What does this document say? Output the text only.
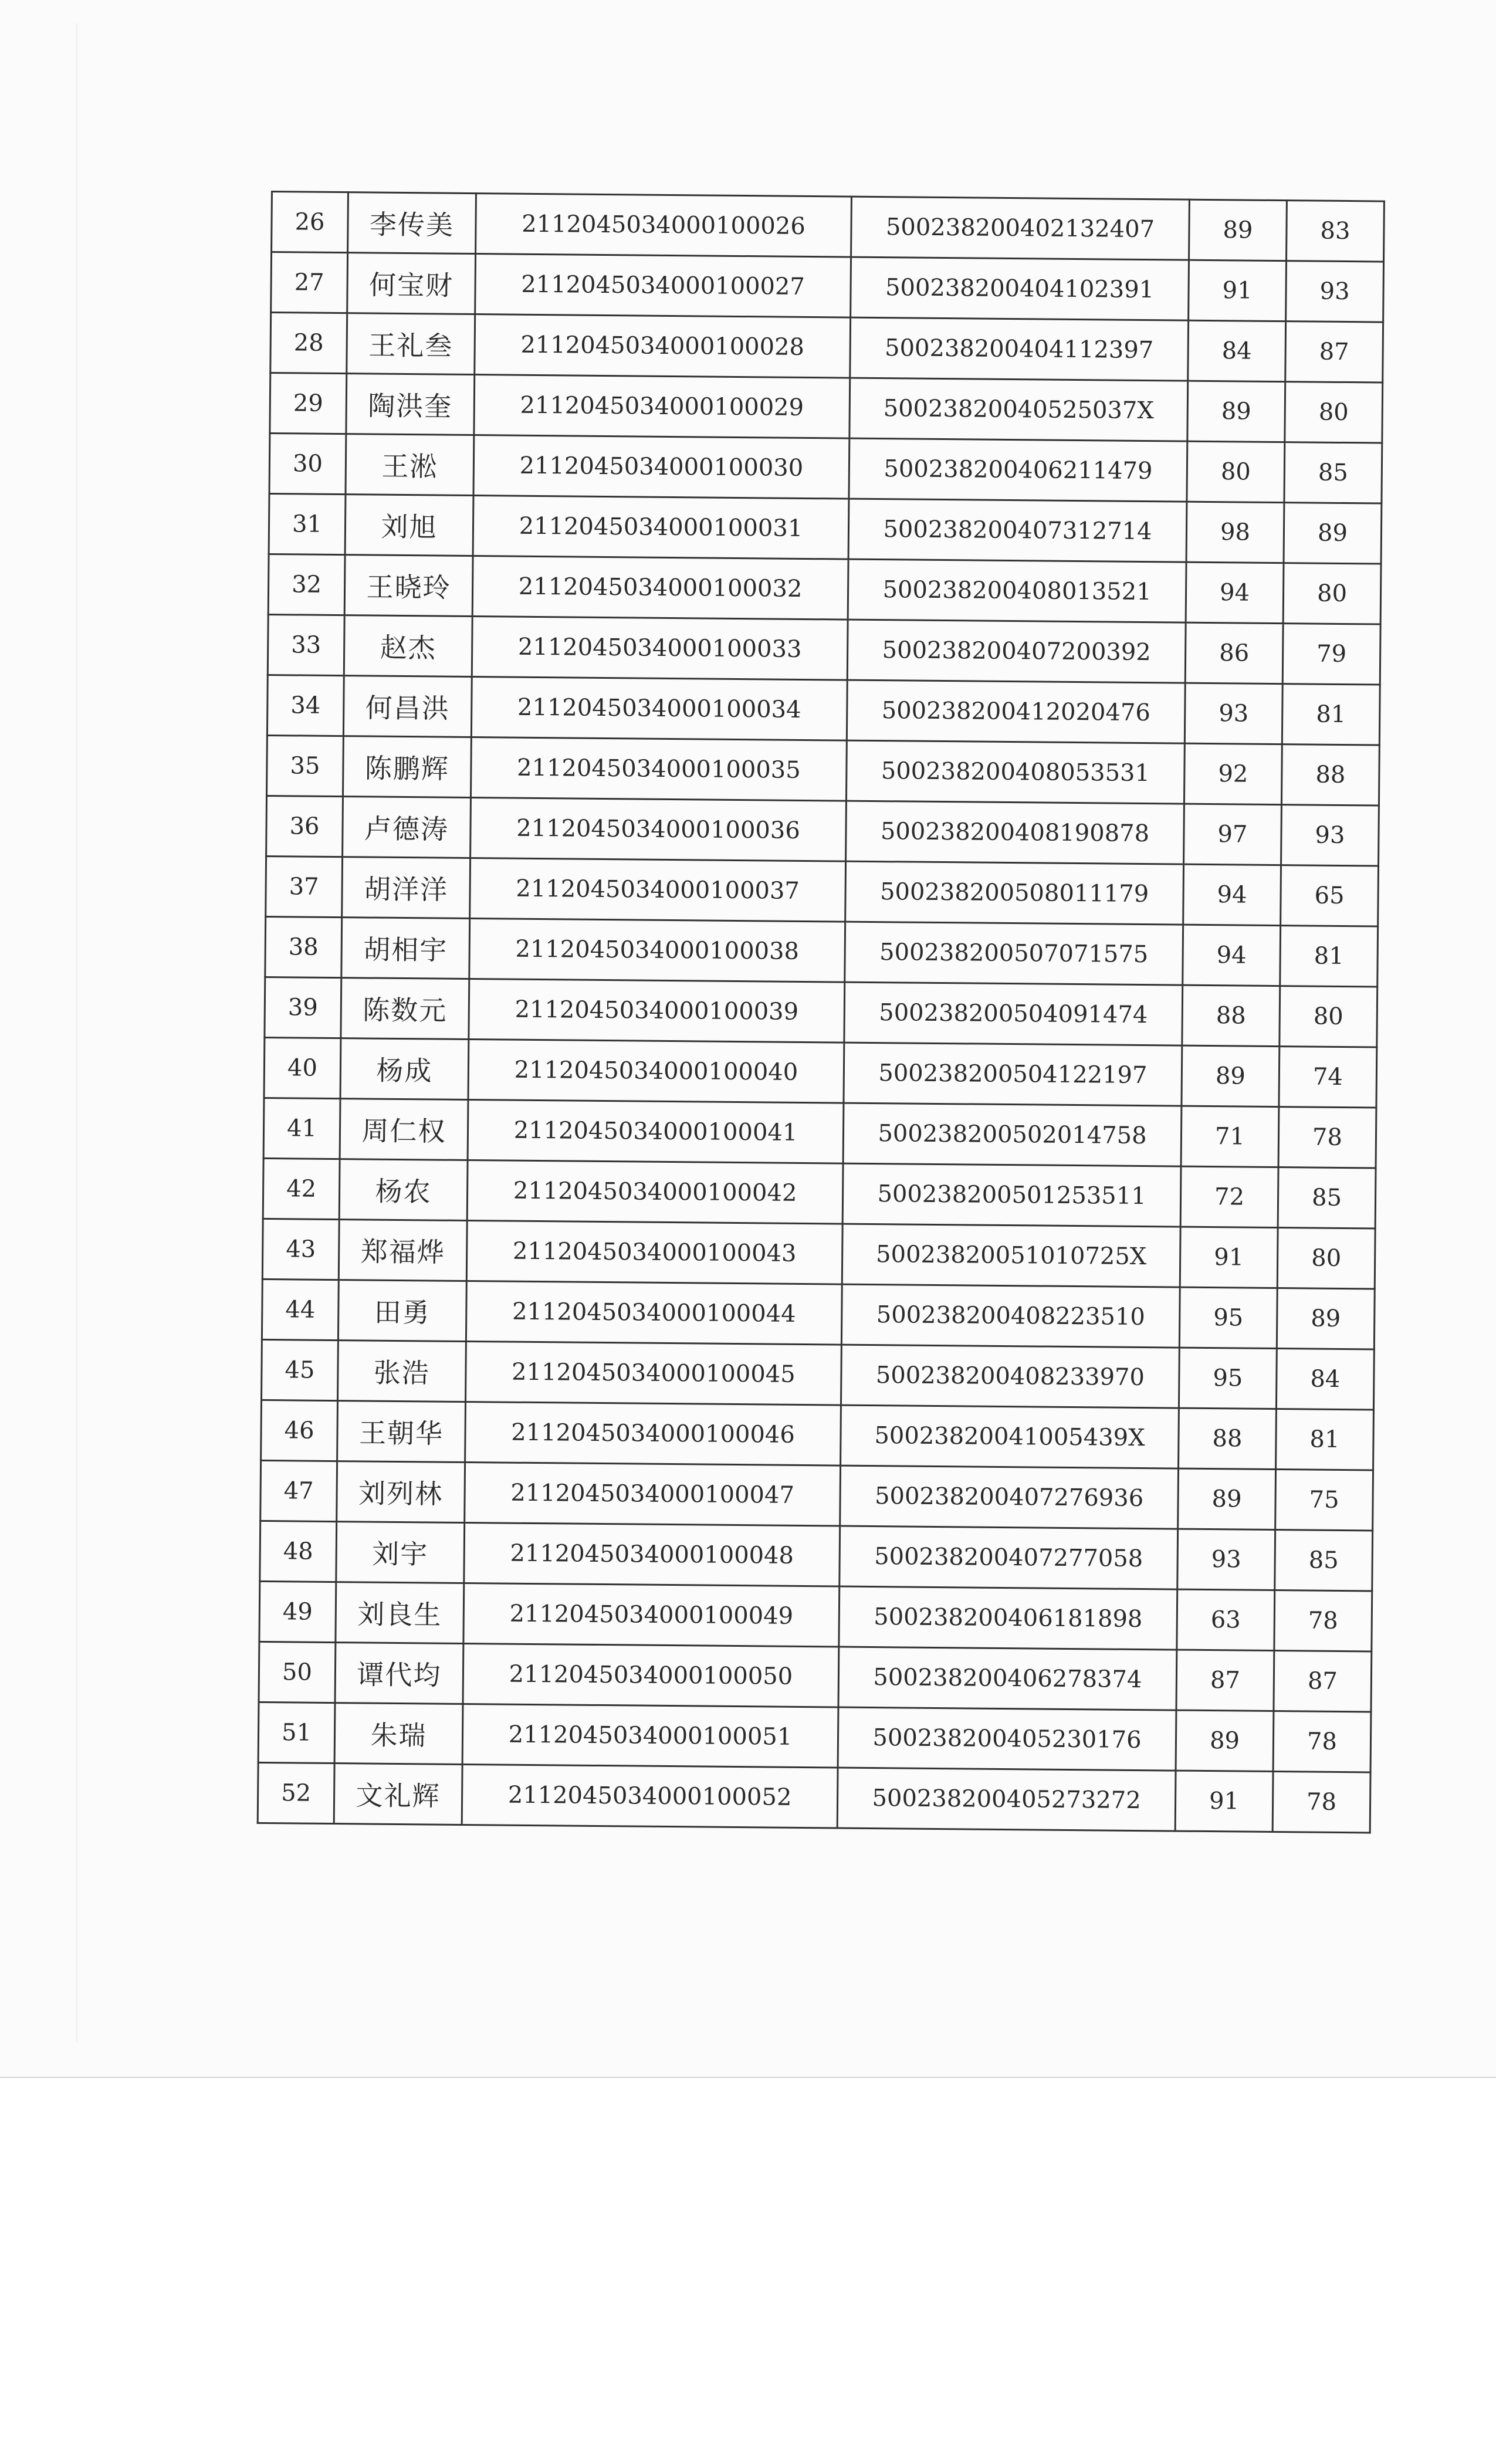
26	李传美	2112045034000100026	500238200402132407	89	83
27	何宝财	2112045034000100027	500238200404102391	91	93
28	王礼叁	2112045034000100028	500238200404112397	84	87
29	陶洪奎	2112045034000100029	50023820040525037X	89	80
30	王淞	2112045034000100030	500238200406211479	80	85
31	刘旭	2112045034000100031	500238200407312714	98	89
32	王晓玲	2112045034000100032	500238200408013521	94	80
33	赵杰	2112045034000100033	500238200407200392	86	79
34	何昌洪	2112045034000100034	500238200412020476	93	81
35	陈鹏辉	2112045034000100035	500238200408053531	92	88
36	卢德涛	2112045034000100036	500238200408190878	97	93
37	胡洋洋	2112045034000100037	500238200508011179	94	65
38	胡相宇	2112045034000100038	500238200507071575	94	81
39	陈数元	2112045034000100039	500238200504091474	88	80
40	杨成	2112045034000100040	500238200504122197	89	74
41	周仁权	2112045034000100041	500238200502014758	71	78
42	杨农	2112045034000100042	500238200501253511	72	85
43	郑福烨	2112045034000100043	50023820051010725X	91	80
44	田勇	2112045034000100044	500238200408223510	95	89
45	张浩	2112045034000100045	500238200408233970	95	84
46	王朝华	2112045034000100046	50023820041005439X	88	81
47	刘列林	2112045034000100047	500238200407276936	89	75
48	刘宇	2112045034000100048	500238200407277058	93	85
49	刘良生	2112045034000100049	500238200406181898	63	78
50	谭代均	2112045034000100050	500238200406278374	87	87
51	朱瑞	2112045034000100051	500238200405230176	89	78
52	文礼辉	2112045034000100052	500238200405273272	91	78
